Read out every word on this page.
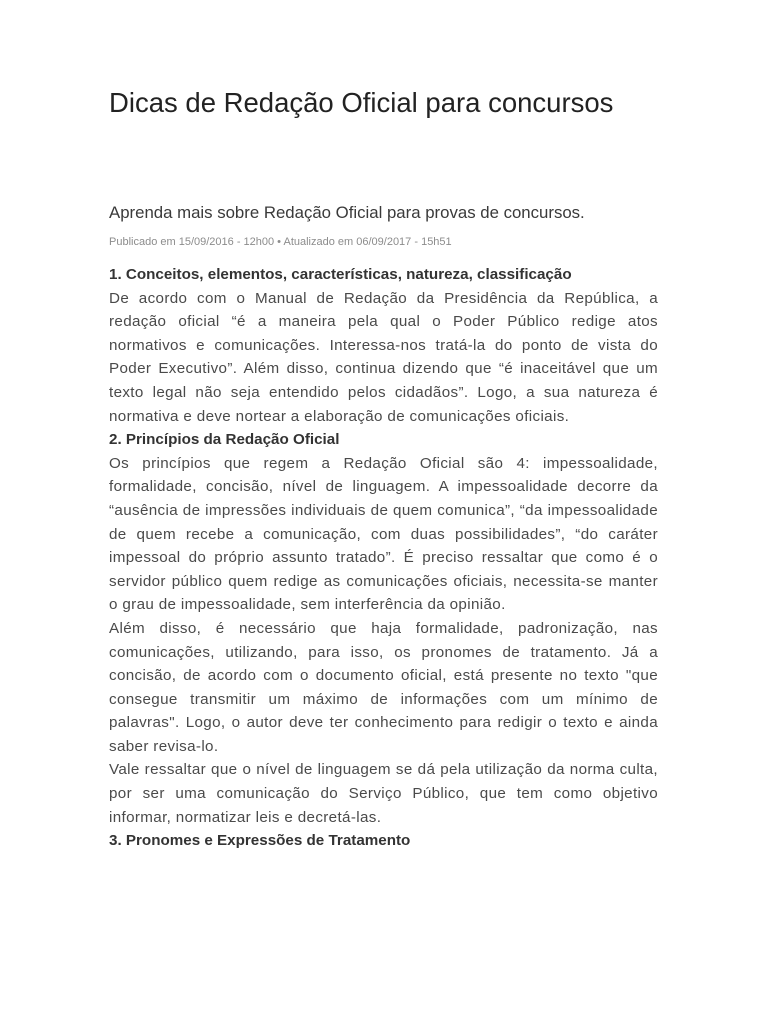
Dicas de Redação Oficial para concursos

Aprenda mais sobre Redação Oficial para provas de concursos.

Publicado em 15/09/2016 - 12h00 • Atualizado em 06/09/2017 - 15h51

1. Conceitos, elementos, características, natureza, classificação

De acordo com o Manual de Redação da Presidência da República, a redação oficial “é a maneira pela qual o Poder Público redige atos normativos e comunicações. Interessa-nos tratá-la do ponto de vista do Poder Executivo”. Além disso, continua dizendo que “é inaceitável que um texto legal não seja entendido pelos cidadãos”. Logo, a sua natureza é normativa e deve nortear a elaboração de comunicações oficiais.

2. Princípios da Redação Oficial

Os princípios que regem a Redação Oficial são 4: impessoalidade, formalidade, concisão, nível de linguagem. A impessoalidade decorre da “ausência de impressões individuais de quem comunica”, “da impessoalidade de quem recebe a comunicação, com duas possibilidades”, “do caráter impessoal do próprio assunto tratado”. É preciso ressaltar que como é o servidor público quem redige as comunicações oficiais, necessita-se manter o grau de impessoalidade, sem interferência da opinião.

Além disso, é necessário que haja formalidade, padronização, nas comunicações, utilizando, para isso, os pronomes de tratamento. Já a concisão, de acordo com o documento oficial, está presente no texto "que consegue transmitir um máximo de informações com um mínimo de palavras". Logo, o autor deve ter conhecimento para redigir o texto e ainda saber revisa-lo.

Vale ressaltar que o nível de linguagem se dá pela utilização da norma culta, por ser uma comunicação do Serviço Público, que tem como objetivo informar, normatizar leis e decretá-las.

3. Pronomes e Expressões de Tratamento
